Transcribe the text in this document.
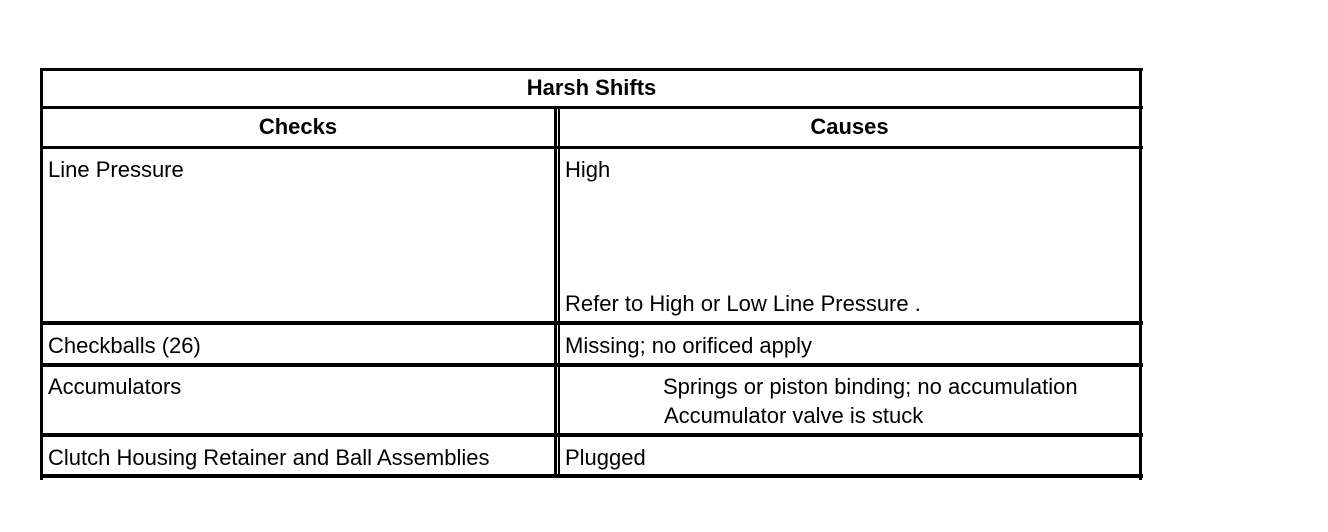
Harsh Shifts
Checks	Causes
Line Pressure	High
Refer to High or Low Line Pressure .
Checkballs (26)	Missing; no orificed apply
Accumulators	Springs or piston binding; no accumulation
Accumulator valve is stuck
Clutch Housing Retainer and Ball Assemblies	Plugged
